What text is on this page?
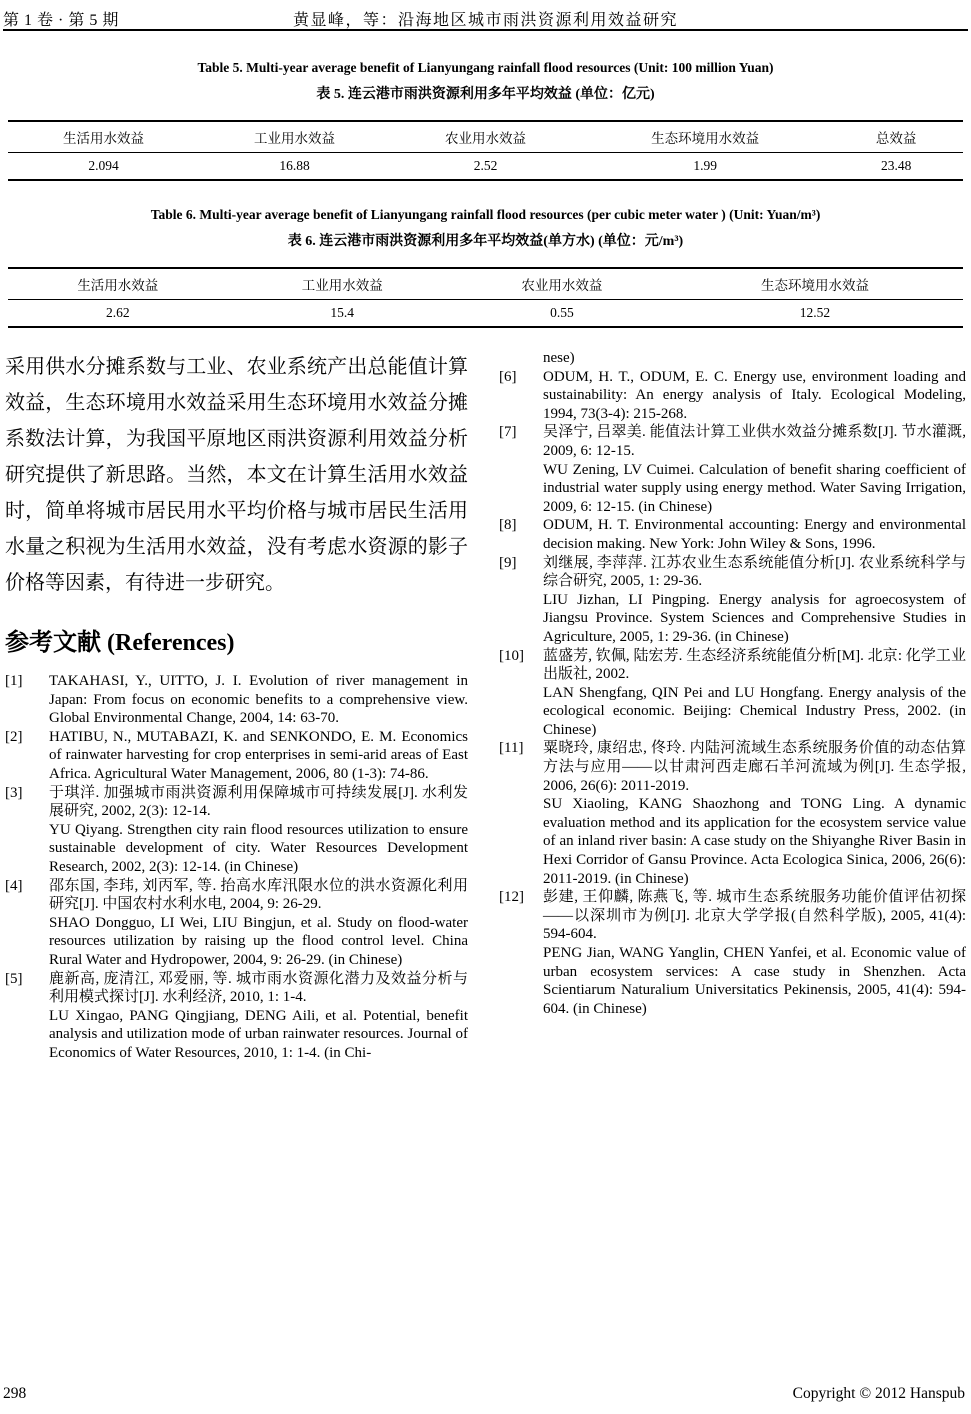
第 1 卷 · 第 5 期	黄显峰，等：沿海地区城市雨洪资源利用效益研究
Table 5. Multi-year average benefit of Lianyungang rainfall flood resources (Unit: 100 million Yuan)
表 5. 连云港市雨洪资源利用多年平均效益 (单位：亿元)
生活用水效益	工业用水效益	农业用水效益	生态环境用水效益	总效益
2.094	16.88	2.52	1.99	23.48
Table 6. Multi-year average benefit of Lianyungang rainfall flood resources (per cubic meter water ) (Unit: Yuan/m³)
表 6. 连云港市雨洪资源利用多年平均效益(单方水) (单位：元/m³)
生活用水效益	工业用水效益	农业用水效益	生态环境用水效益
2.62	15.4	0.55	12.52

采用供水分摊系数与工业、农业系统产出总能值计算效益，生态环境用水效益采用生态环境用水效益分摊系数法计算，为我国平原地区雨洪资源利用效益分析研究提供了新思路。当然，本文在计算生活用水效益时，简单将城市居民用水平均价格与城市居民生活用水量之积视为生活用水效益，没有考虑水资源的影子价格等因素，有待进一步研究。

参考文献 (References)
[1] TAKAHASI, Y., UITTO, J. I. Evolution of river management in Japan: From focus on economic benefits to a comprehensive view. Global Environmental Change, 2004, 14: 63-70.
[2] HATIBU, N., MUTABAZI, K. and SENKONDO, E. M. Economics of rainwater harvesting for crop enterprises in semi-arid areas of East Africa. Agricultural Water Management, 2006, 80 (1-3): 74-86.
[3] 于琪洋. 加强城市雨洪资源利用保障城市可持续发展[J]. 水利发展研究, 2002, 2(3): 12-14.
YU Qiyang. Strengthen city rain flood resources utilization to ensure sustainable development of city. Water Resources Development Research, 2002, 2(3): 12-14. (in Chinese)
[4] 邵东国, 李玮, 刘丙军, 等. 抬高水库汛限水位的洪水资源化利用研究[J]. 中国农村水利水电, 2004, 9: 26-29.
SHAO Dongguo, LI Wei, LIU Bingjun, et al. Study on flood-water resources utilization by raising up the flood control level. China Rural Water and Hydropower, 2004, 9: 26-29. (in Chinese)
[5] 鹿新高, 庞清江, 邓爱丽, 等. 城市雨水资源化潜力及效益分析与利用模式探讨[J]. 水利经济, 2010, 1: 1-4.
LU Xingao, PANG Qingjiang, DENG Aili, et al. Potential, benefit analysis and utilization mode of urban rainwater resources. Journal of Economics of Water Resources, 2010, 1: 1-4. (in Chi-
nese)
[6] ODUM, H. T., ODUM, E. C. Energy use, environment loading and sustainability: An energy analysis of Italy. Ecological Modeling, 1994, 73(3-4): 215-268.
[7] 吴泽宁, 吕翠美. 能值法计算工业供水效益分摊系数[J]. 节水灌溉, 2009, 6: 12-15.
WU Zening, LV Cuimei. Calculation of benefit sharing coefficient of industrial water supply using energy method. Water Saving Irrigation, 2009, 6: 12-15. (in Chinese)
[8] ODUM, H. T. Environmental accounting: Energy and environmental decision making. New York: John Wiley & Sons, 1996.
[9] 刘继展, 李萍萍. 江苏农业生态系统能值分析[J]. 农业系统科学与综合研究, 2005, 1: 29-36.
LIU Jizhan, LI Pingping. Energy analysis for agroecosystem of Jiangsu Province. System Sciences and Comprehensive Studies in Agriculture, 2005, 1: 29-36. (in Chinese)
[10] 蓝盛芳, 钦佩, 陆宏芳. 生态经济系统能值分析[M]. 北京: 化学工业出版社, 2002.
LAN Shengfang, QIN Pei and LU Hongfang. Energy analysis of the ecological economic. Beijing: Chemical Industry Press, 2002. (in Chinese)
[11] 粟晓玲, 康绍忠, 佟玲. 内陆河流域生态系统服务价值的动态估算方法与应用——以甘肃河西走廊石羊河流域为例[J]. 生态学报, 2006, 26(6): 2011-2019.
SU Xiaoling, KANG Shaozhong and TONG Ling. A dynamic evaluation method and its application for the ecosystem service value of an inland river basin: A case study on the Shiyanghe River Basin in Hexi Corridor of Gansu Province. Acta Ecologica Sinica, 2006, 26(6): 2011-2019. (in Chinese)
[12] 彭建, 王仰麟, 陈燕飞, 等. 城市生态系统服务功能价值评估初探——以深圳市为例[J]. 北京大学学报(自然科学版), 2005, 41(4): 594-604.
PENG Jian, WANG Yanglin, CHEN Yanfei, et al. Economic value of urban ecosystem services: A case study in Shenzhen. Acta Scientiarum Naturalium Universitatics Pekinensis, 2005, 41(4): 594-604. (in Chinese)
298	Copyright © 2012 Hanspub
